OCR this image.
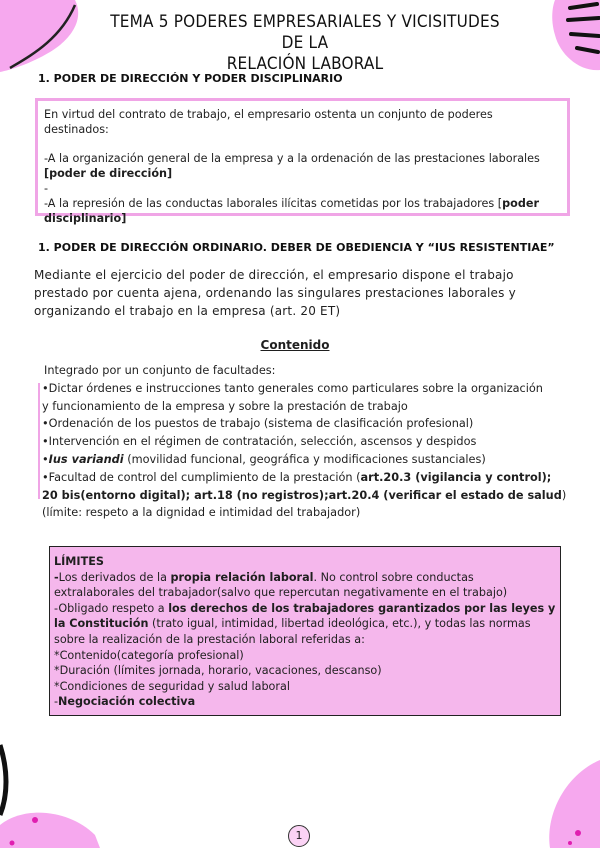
TEMA 5 PODERES EMPRESARIALES Y VICISITUDES DE LA
RELACIÓN LABORAL
1. PODER DE DIRECCIÓN Y PODER DISCIPLINARIO

En virtud del contrato de trabajo, el empresario ostenta un conjunto de poderes destinados:

-A la organización general de la empresa y a la ordenación de las prestaciones laborales
[poder de dirección]

-

-A la represión de las conductas laborales ilícitas cometidas por los trabajadores [poder disciplinario]

1. PODER DE DIRECCIÓN ORDINARIO. DEBER DE OBEDIENCIA Y “IUS RESISTENTIAE”
Mediante el ejercicio del poder de dirección, el empresario dispone el trabajo prestado por cuenta ajena, ordenando las singulares prestaciones laborales y organizando el trabajo en la empresa (art. 20 ET)
Contenido
Integrado por un conjunto de facultades:
•Dictar órdenes e instrucciones tanto generales como particulares sobre la organización
y funcionamiento de la empresa y sobre la prestación de trabajo
•Ordenación de los puestos de trabajo (sistema de clasificación profesional)
•Intervención en el régimen de contratación, selección, ascensos y despidos
•Ius variandi (movilidad funcional, geográfica y modificaciones sustanciales)
•Facultad de control del cumplimiento de la prestación (art.20.3 (vigilancia y control);
20 bis(entorno digital); art.18 (no registros);art.20.4 (verificar el estado de salud)
(límite: respeto a la dignidad e intimidad del trabajador)

LÍMITES

-Los derivados de la propia relación laboral. No control sobre conductas extralaborales del trabajador(salvo que repercutan negativamente en el trabajo)

-Obligado respeto a los derechos de los trabajadores garantizados por las leyes y la Constitución (trato igual, intimidad, libertad ideológica, etc.), y todas las normas sobre la realización de la prestación laboral referidas a:

*Contenido(categoría profesional)

*Duración (límites jornada, horario, vacaciones, descanso)

*Condiciones de seguridad y salud laboral

-Negociación colectiva

1
